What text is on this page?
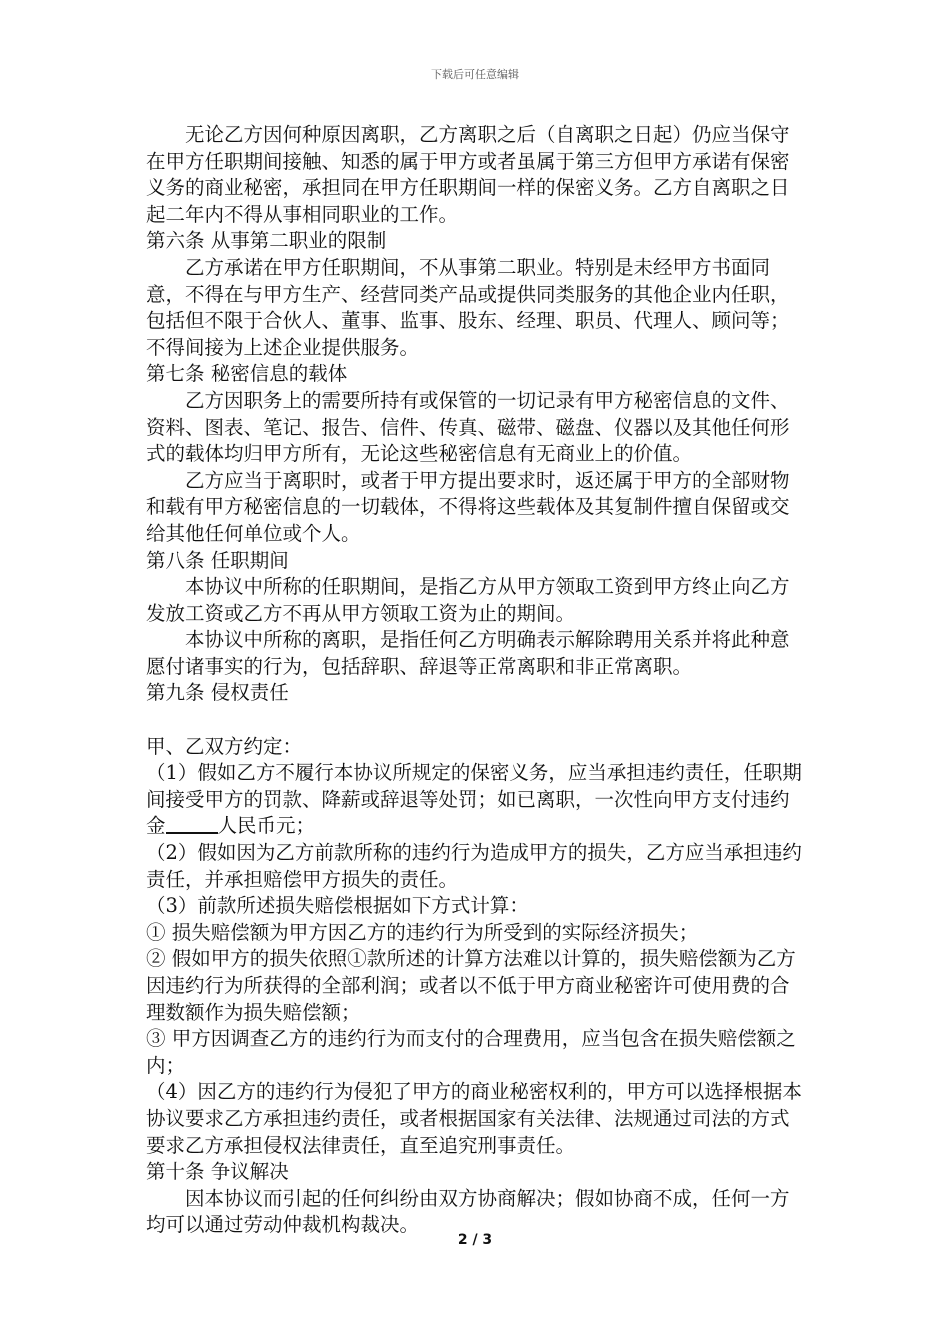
下载后可任意编辑

无论乙方因何种原因离职，乙方离职之后（自离职之日起）仍应当保守在甲方任职期间接触、知悉的属于甲方或者虽属于第三方但甲方承诺有保密义务的商业秘密，承担同在甲方任职期间一样的保密义务。乙方自离职之日起二年内不得从事相同职业的工作。

第六条 从事第二职业的限制

乙方承诺在甲方任职期间，不从事第二职业。特别是未经甲方书面同意，不得在与甲方生产、经营同类产品或提供同类服务的其他企业内任职，包括但不限于合伙人、董事、监事、股东、经理、职员、代理人、顾问等；不得间接为上述企业提供服务。

第七条 秘密信息的载体

乙方因职务上的需要所持有或保管的一切记录有甲方秘密信息的文件、资料、图表、笔记、报告、信件、传真、磁带、磁盘、仪器以及其他任何形式的载体均归甲方所有，无论这些秘密信息有无商业上的价值。

乙方应当于离职时，或者于甲方提出要求时，返还属于甲方的全部财物和载有甲方秘密信息的一切载体，不得将这些载体及其复制件擅自保留或交给其他任何单位或个人。

第八条 任职期间

本协议中所称的任职期间，是指乙方从甲方领取工资到甲方终止向乙方发放工资或乙方不再从甲方领取工资为止的期间。

本协议中所称的离职，是指任何乙方明确表示解除聘用关系并将此种意愿付诸事实的行为，包括辞职、辞退等正常离职和非正常离职。

第九条 侵权责任

甲、乙双方约定：

（1）假如乙方不履行本协议所规定的保密义务，应当承担违约责任，任职期间接受甲方的罚款、降薪或辞退等处罚；如已离职，一次性向甲方支付违约金	人民币元；

（2）假如因为乙方前款所称的违约行为造成甲方的损失，乙方应当承担违约责任，并承担赔偿甲方损失的责任。

（3）前款所述损失赔偿根据如下方式计算：

① 损失赔偿额为甲方因乙方的违约行为所受到的实际经济损失；

② 假如甲方的损失依照①款所述的计算方法难以计算的，损失赔偿额为乙方因违约行为所获得的全部利润；或者以不低于甲方商业秘密许可使用费的合理数额作为损失赔偿额；

③ 甲方因调查乙方的违约行为而支付的合理费用，应当包含在损失赔偿额之内；

（4）因乙方的违约行为侵犯了甲方的商业秘密权利的，甲方可以选择根据本协议要求乙方承担违约责任，或者根据国家有关法律、法规通过司法的方式要求乙方承担侵权法律责任，直至追究刑事责任。

第十条 争议解决

因本协议而引起的任何纠纷由双方协商解决；假如协商不成，任何一方均可以通过劳动仲裁机构裁决。

2 / 3
